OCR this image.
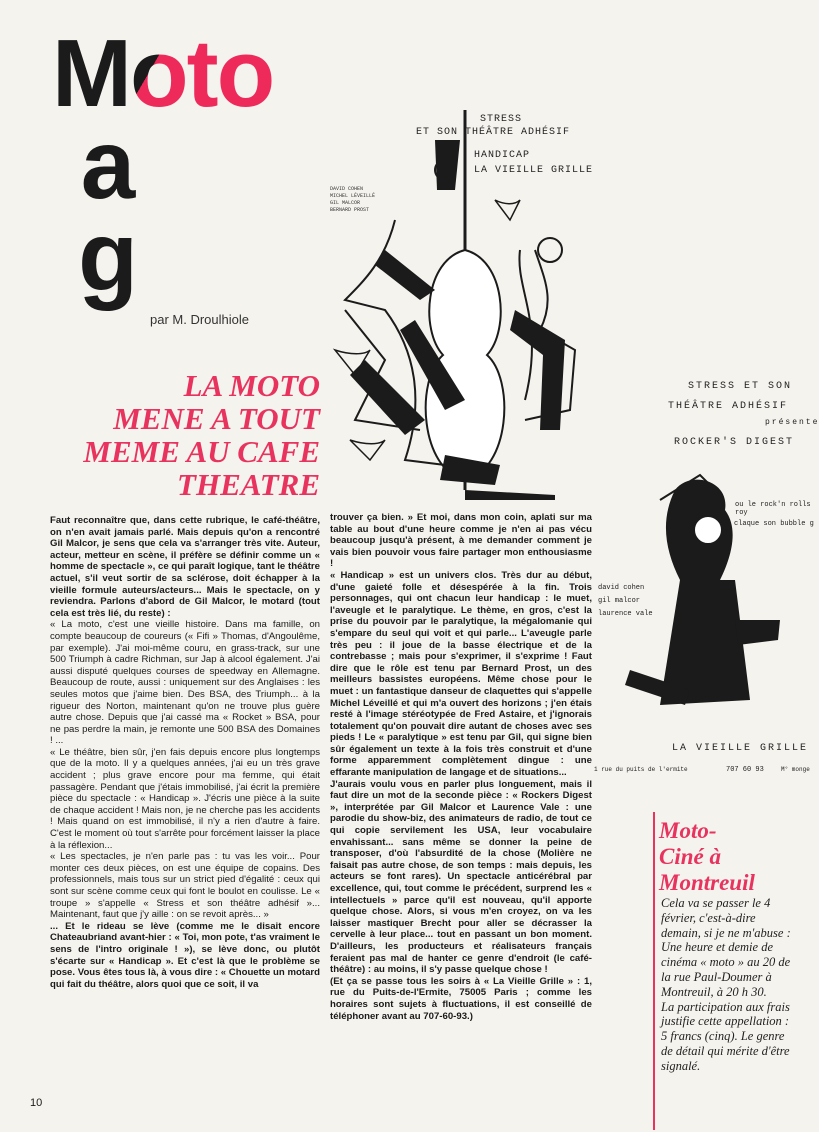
Moto
a
g
par M. Droulhiole
LA MOTO
MENE A TOUT
MEME AU CAFE
THEATRE
STRESS
ET SON THÉÂTRE ADHÉSIF
HANDICAP
LA VIEILLE GRILLE
DAVID COHEN
MICHEL LÉVEILLÉ
GIL MALCOR
BERNARD PROST
STRESS ET SON
THÉÂTRE ADHÉSIF
présente
ROCKER'S DIGEST
ou le rock'n rolls roy
claque son bubble g
david cohen
gil malcor
laurence vale
LA VIEILLE GRILLE
1 rue du puits de l'ermite	707 60 93	M° monge

Faut reconnaître que, dans cette rubrique, le café-théâtre, on n'en avait jamais parlé. Mais depuis qu'on a rencontré Gil Malcor, je sens que cela va s'arranger très vite. Auteur, acteur, metteur en scène, il préfère se définir comme un « homme de spectacle », ce qui paraît logique, tant le théâtre actuel, s'il veut sortir de sa sclérose, doit échapper à la vieille formule auteurs/acteurs... Mais le spectacle, on y reviendra. Parlons d'abord de Gil Malcor, le motard (tout cela est très lié, du reste) :

« La moto, c'est une vieille histoire. Dans ma famille, on compte beaucoup de coureurs (« Fifi » Thomas, d'Angoulême, par exemple). J'ai moi-même couru, en grass-track, sur une 500 Triumph à cadre Richman, sur Jap à alcool également. J'ai aussi disputé quelques courses de speedway en Allemagne. Beaucoup de route, aussi : uniquement sur des Anglaises : les seules motos que j'aime bien. Des BSA, des Triumph... à la rigueur des Norton, maintenant qu'on ne trouve plus guère autre chose. Depuis que j'ai cassé ma « Rocket » BSA, pour ne pas perdre la main, je remonte une 500 BSA des Domaines ! ...

« Le théâtre, bien sûr, j'en fais depuis encore plus longtemps que de la moto. Il y a quelques années, j'ai eu un très grave accident ; plus grave encore pour ma femme, qui était passagère. Pendant que j'étais immobilisé, j'ai écrit la première pièce du spectacle : « Handicap ». J'écris une pièce à la suite de chaque accident ! Mais non, je ne cherche pas les accidents ! Mais quand on est immobilisé, il n'y a rien d'autre à faire. C'est le moment où tout s'arrête pour forcément laisser la place à la réflexion...

« Les spectacles, je n'en parle pas : tu vas les voir... Pour monter ces deux pièces, on est une équipe de copains. Des professionnels, mais tous sur un strict pied d'égalité : ceux qui sont sur scène comme ceux qui font le boulot en coulisse. Le « troupe » s'appelle « Stress et son théâtre adhésif »... Maintenant, faut que j'y aille : on se revoit après... »

... Et le rideau se lève (comme me le disait encore Chateaubriand avant-hier : « Toi, mon pote, t'as vraiment le sens de l'intro originale ! »), se lève donc, ou plutôt s'écarte sur « Handicap ». Et c'est là que le problème se pose. Vous êtes tous là, à vous dire : « Chouette un motard qui fait du théâtre, alors quoi que ce soit, il va

trouver ça bien. » Et moi, dans mon coin, aplati sur ma table au bout d'une heure comme je n'en ai pas vécu beaucoup jusqu'à présent, à me demander comment je vais bien pouvoir vous faire partager mon enthousiasme !

« Handicap » est un univers clos. Très dur au début, d'une gaieté folle et désespérée à la fin. Trois personnages, qui ont chacun leur handicap : le muet, l'aveugle et le paralytique. Le thème, en gros, c'est la prise du pouvoir par le paralytique, la mégalomanie qui s'empare du seul qui voit et qui parle... L'aveugle parle très peu : il joue de la basse électrique et de la contrebasse ; mais pour s'exprimer, il s'exprime ! Faut dire que le rôle est tenu par Bernard Prost, un des meilleurs bassistes européens. Même chose pour le muet : un fantastique danseur de claquettes qui s'appelle Michel Léveillé et qui m'a ouvert des horizons ; j'en étais resté à l'image stéréotypée de Fred Astaire, et j'ignorais totalement qu'on pouvait dire autant de choses avec ses pieds ! Le « paralytique » est tenu par Gil, qui signe bien sûr également un texte à la fois très construit et d'une forme apparemment complètement dingue : une effarante manipulation de langage et de situations...

J'aurais voulu vous en parler plus longuement, mais il faut dire un mot de la seconde pièce : « Rockers Digest », interprétée par Gil Malcor et Laurence Vale : une parodie du show-biz, des animateurs de radio, de tout ce qui copie servilement les USA, leur vocabulaire envahissant... sans même se donner la peine de transposer, d'où l'absurdité de la chose (Molière ne faisait pas autre chose, de son temps : mais depuis, les acteurs se font rares). Un spectacle anticérébral par excellence, qui, tout comme le précédent, surprend les « intellectuels » parce qu'il est nouveau, qu'il apporte quelque chose. Alors, si vous m'en croyez, on va les laisser mastiquer Brecht pour aller se décrasser la cervelle à leur place... tout en passant un bon moment. D'ailleurs, les producteurs et réalisateurs français feraient pas mal de hanter ce genre d'endroit (le café-théâtre) : au moins, il s'y passe quelque chose !

(Et ça se passe tous les soirs à « La Vieille Grille » : 1, rue du Puits-de-l'Ermite, 75005 Paris ; comme les horaires sont sujets à fluctuations, il est conseillé de téléphoner avant au 707-60-93.)

10
Moto-
Ciné à
Montreuil

Cela va se passer le 4 février, c'est-à-dire demain, si je ne m'abuse :

Une heure et demie de cinéma « moto » au 20 de la rue Paul-Doumer à Montreuil, à 20 h 30.

La participation aux frais justifie cette appellation : 5 francs (cinq). Le genre de détail qui mérite d'être signalé.
